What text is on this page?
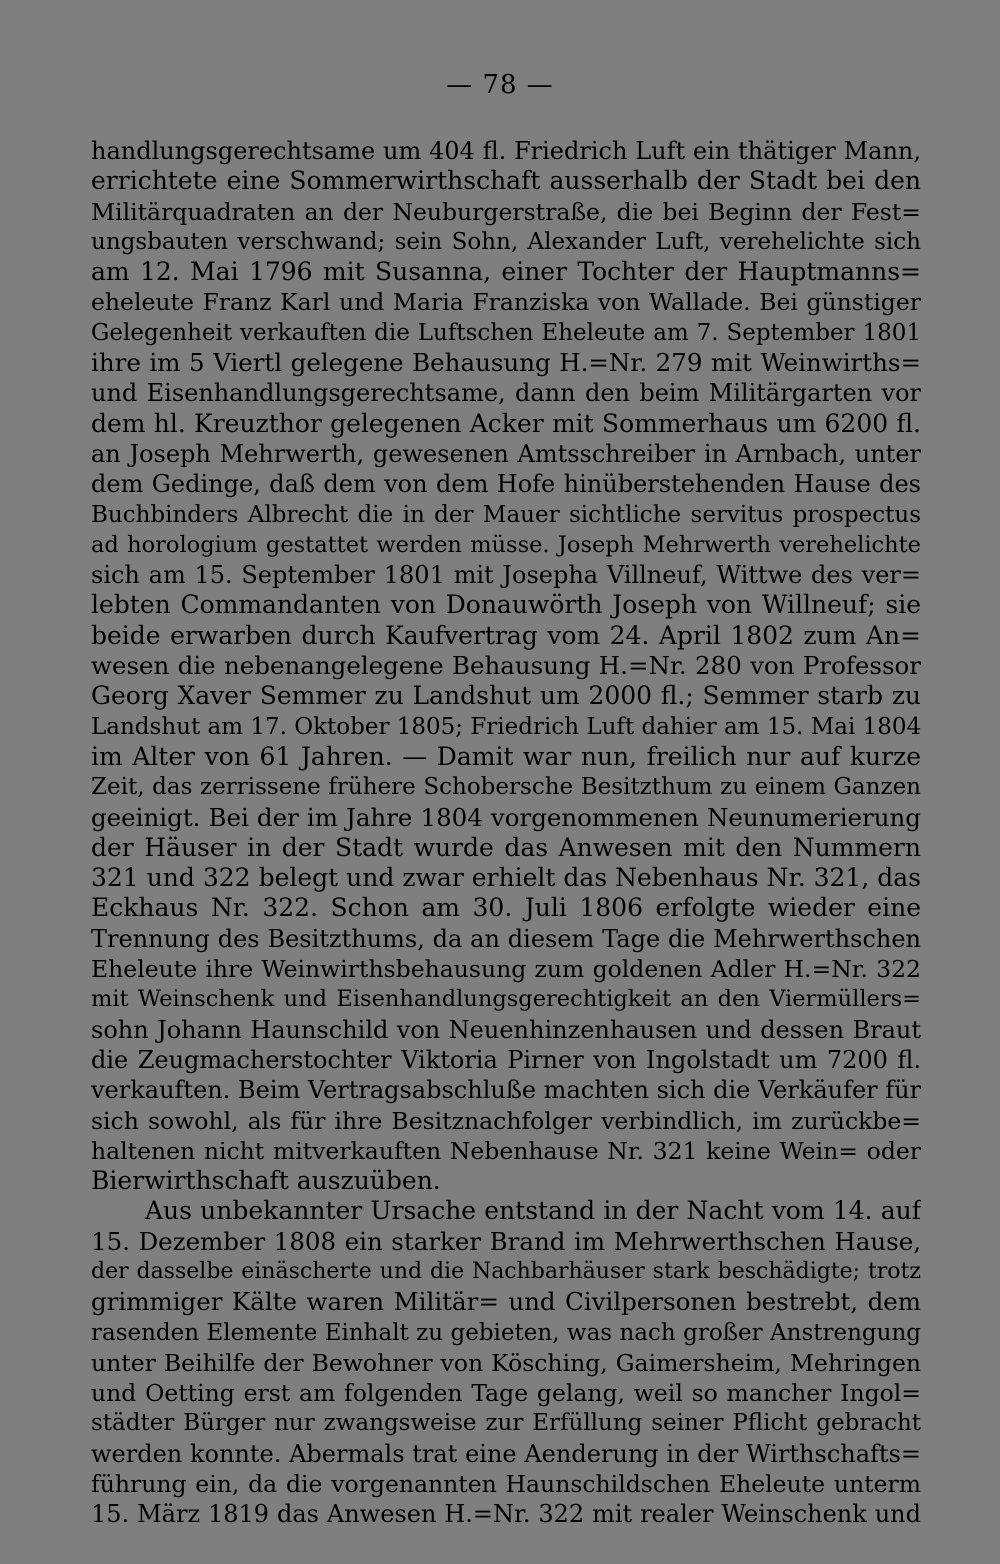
— 78 —
handlungsgerechtsame um 404 fl. Friedrich Luft ein thätiger Mann,
errichtete eine Sommerwirthschaft ausserhalb der Stadt bei den
Militärquadraten an der Neuburgerstraße, die bei Beginn der Fest=
ungsbauten verschwand; sein Sohn, Alexander Luft, verehelichte sich
am 12. Mai 1796 mit Susanna, einer Tochter der Hauptmanns=
eheleute Franz Karl und Maria Franziska von Wallade. Bei günstiger
Gelegenheit verkauften die Luftschen Eheleute am 7. September 1801
ihre im 5 Viertl gelegene Behausung H.=Nr. 279 mit Weinwirths=
und Eisenhandlungsgerechtsame, dann den beim Militärgarten vor
dem hl. Kreuzthor gelegenen Acker mit Sommerhaus um 6200 fl.
an Joseph Mehrwerth, gewesenen Amtsschreiber in Arnbach, unter
dem Gedinge, daß dem von dem Hofe hinüberstehenden Hause des
Buchbinders Albrecht die in der Mauer sichtliche servitus prospectus
ad horologium gestattet werden müsse. Joseph Mehrwerth verehelichte
sich am 15. September 1801 mit Josepha Villneuf, Wittwe des ver=
lebten Commandanten von Donauwörth Joseph von Willneuf; sie
beide erwarben durch Kaufvertrag vom 24. April 1802 zum An=
wesen die nebenangelegene Behausung H.=Nr. 280 von Professor
Georg Xaver Semmer zu Landshut um 2000 fl.; Semmer starb zu
Landshut am 17. Oktober 1805; Friedrich Luft dahier am 15. Mai 1804
im Alter von 61 Jahren. — Damit war nun, freilich nur auf kurze
Zeit, das zerrissene frühere Schobersche Besitzthum zu einem Ganzen
geeinigt. Bei der im Jahre 1804 vorgenommenen Neunumerierung
der Häuser in der Stadt wurde das Anwesen mit den Nummern
321 und 322 belegt und zwar erhielt das Nebenhaus Nr. 321, das
Eckhaus Nr. 322. Schon am 30. Juli 1806 erfolgte wieder eine
Trennung des Besitzthums, da an diesem Tage die Mehrwerthschen
Eheleute ihre Weinwirthsbehausung zum goldenen Adler H.=Nr. 322
mit Weinschenk und Eisenhandlungsgerechtigkeit an den Viermüllers=
sohn Johann Haunschild von Neuenhinzenhausen und dessen Braut
die Zeugmacherstochter Viktoria Pirner von Ingolstadt um 7200 fl.
verkauften. Beim Vertragsabschluße machten sich die Verkäufer für
sich sowohl, als für ihre Besitznachfolger verbindlich, im zurückbe=
haltenen nicht mitverkauften Nebenhause Nr. 321 keine Wein= oder
Bierwirthschaft auszuüben.
Aus unbekannter Ursache entstand in der Nacht vom 14. auf
15. Dezember 1808 ein starker Brand im Mehrwerthschen Hause,
der dasselbe einäscherte und die Nachbarhäuser stark beschädigte; trotz
grimmiger Kälte waren Militär= und Civilpersonen bestrebt, dem
rasenden Elemente Einhalt zu gebieten, was nach großer Anstrengung
unter Beihilfe der Bewohner von Kösching, Gaimersheim, Mehringen
und Oetting erst am folgenden Tage gelang, weil so mancher Ingol=
städter Bürger nur zwangsweise zur Erfüllung seiner Pflicht gebracht
werden konnte. Abermals trat eine Aenderung in der Wirthschafts=
führung ein, da die vorgenannten Haunschildschen Eheleute unterm
15. März 1819 das Anwesen H.=Nr. 322 mit realer Weinschenk und
